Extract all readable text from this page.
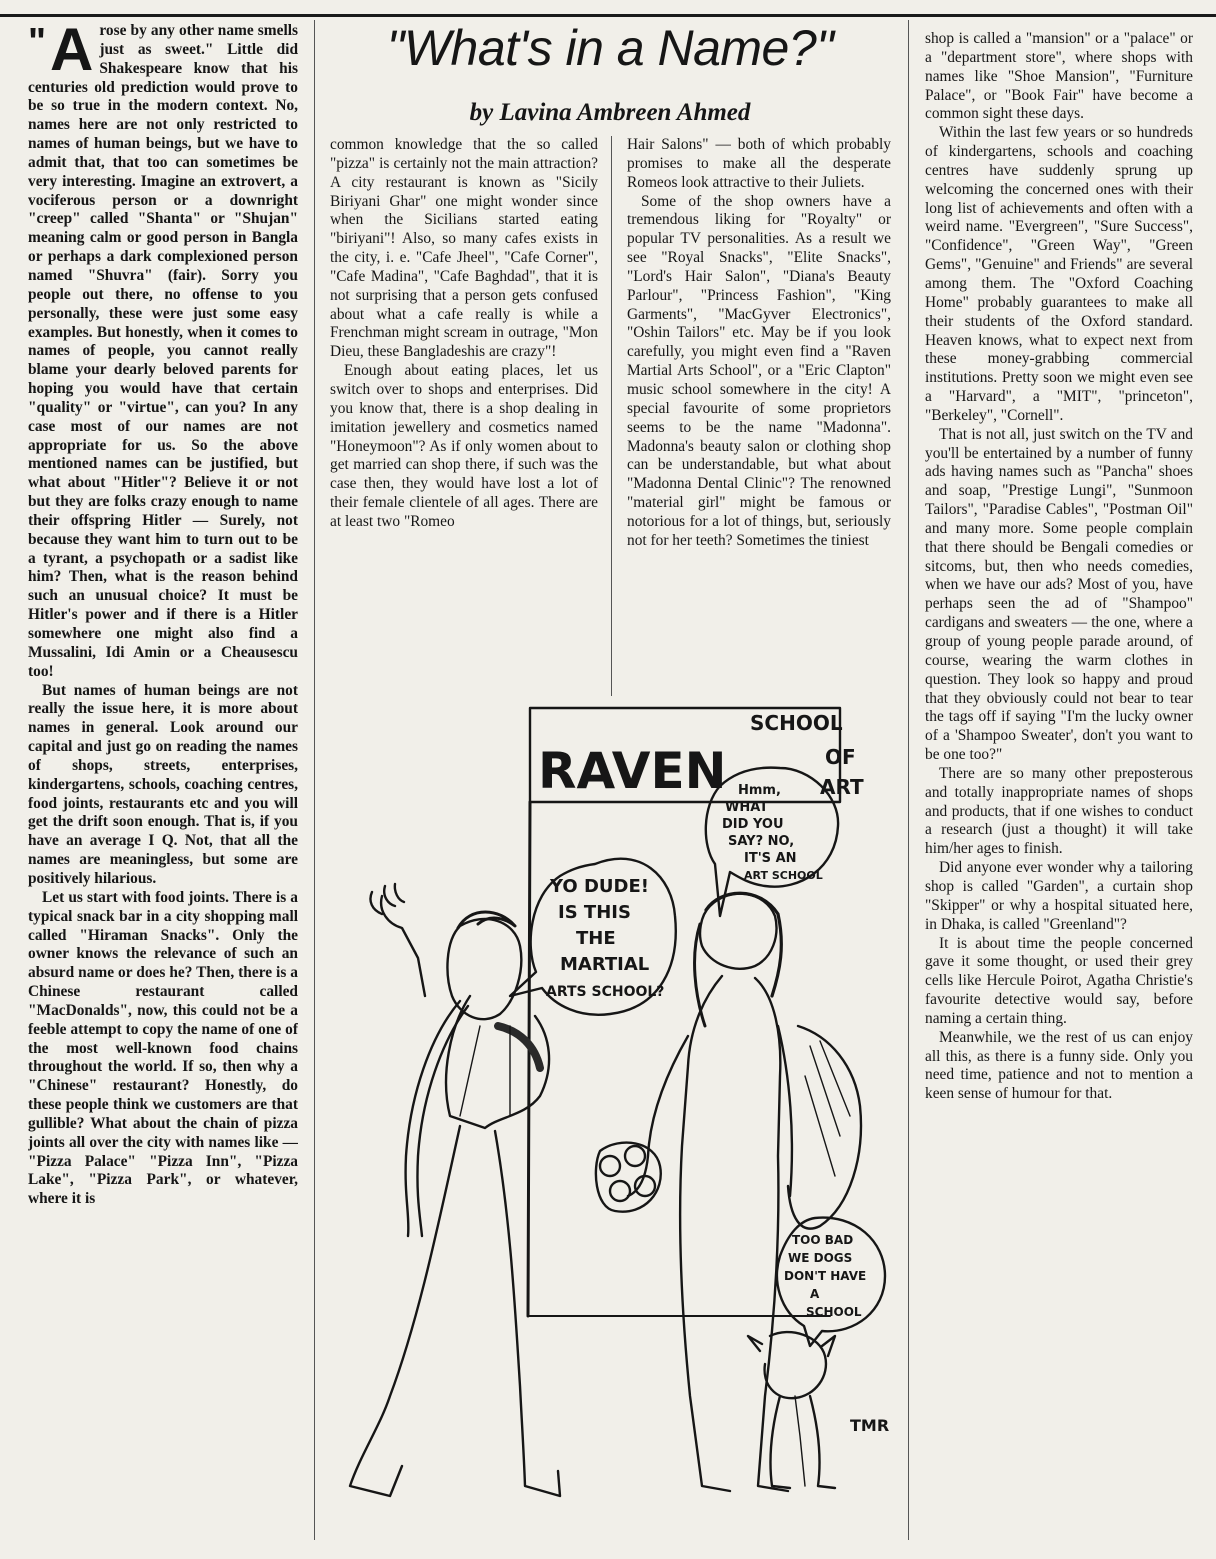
"What's in a Name?"
by Lavina Ambreen Ahmed

" A rose by any other name smells just as sweet." Little did Shakespeare know that his centuries old prediction would prove to be so true in the modern context. No, names here are not only restricted to names of human beings, but we have to admit that, that too can sometimes be very interesting. Imagine an extrovert, a vociferous person or a downright "creep" called "Shanta" or "Shujan" meaning calm or good person in Bangla or perhaps a dark complexioned person named "Shuvra" (fair). Sorry you people out there, no offense to you personally, these were just some easy examples. But honestly, when it comes to names of people, you cannot really blame your dearly beloved parents for hoping you would have that certain "quality" or "virtue", can you? In any case most of our names are not appropriate for us. So the above mentioned names can be justified, but what about "Hitler"? Believe it or not but they are folks crazy enough to name their offspring Hitler — Surely, not because they want him to turn out to be a tyrant, a psychopath or a sadist like him? Then, what is the reason behind such an unusual choice? It must be Hitler's power and if there is a Hitler somewhere one might also find a Mussalini, Idi Amin or a Cheausescu too!

But names of human beings are not really the issue here, it is more about names in general. Look around our capital and just go on reading the names of shops, streets, enterprises, kindergartens, schools, coaching centres, food joints, restaurants etc and you will get the drift soon enough. That is, if you have an average I Q. Not, that all the names are meaningless, but some are positively hilarious.

Let us start with food joints. There is a typical snack bar in a city shopping mall called "Hiraman Snacks". Only the owner knows the relevance of such an absurd name or does he? Then, there is a Chinese restaurant called "MacDonalds", now, this could not be a feeble attempt to copy the name of one of the most well-known food chains throughout the world. If so, then why a "Chinese" restaurant? Honestly, do these people think we customers are that gullible? What about the chain of pizza joints all over the city with names like — "Pizza Palace" "Pizza Inn", "Pizza Lake", "Pizza Park", or whatever, where it is

common knowledge that the so called "pizza" is certainly not the main attraction? A city restaurant is known as "Sicily Biriyani Ghar" one might wonder since when the Sicilians started eating "biriyani"! Also, so many cafes exists in the city, i. e. "Cafe Jheel", "Cafe Corner", "Cafe Madina", "Cafe Baghdad", that it is not surprising that a person gets confused about what a cafe really is while a Frenchman might scream in outrage, "Mon Dieu, these Bangladeshis are crazy"!

Enough about eating places, let us switch over to shops and enterprises. Did you know that, there is a shop dealing in imitation jewellery and cosmetics named "Honeymoon"? As if only women about to get married can shop there, if such was the case then, they would have lost a lot of their female clientele of all ages. There are at least two "Romeo

Hair Salons" — both of which probably promises to make all the desperate Romeos look attractive to their Juliets.

Some of the shop owners have a tremendous liking for "Royalty" or popular TV personalities. As a result we see "Royal Snacks", "Elite Snacks", "Lord's Hair Salon", "Diana's Beauty Parlour", "Princess Fashion", "King Garments", "MacGyver Electronics", "Oshin Tailors" etc. May be if you look carefully, you might even find a "Raven Martial Arts School", or a "Eric Clapton" music school somewhere in the city! A special favourite of some proprietors seems to be the name "Madonna". Madonna's beauty salon or clothing shop can be understandable, but what about "Madonna Dental Clinic"? The renowned "material girl" might be famous or notorious for a lot of things, but, seriously not for her teeth? Sometimes the tiniest

shop is called a "mansion" or a "palace" or a "department store", where shops with names like "Shoe Mansion", "Furniture Palace", or "Book Fair" have become a common sight these days.

Within the last few years or so hundreds of kindergartens, schools and coaching centres have suddenly sprung up welcoming the concerned ones with their long list of achievements and often with a weird name. "Evergreen", "Sure Success", "Confidence", "Green Way", "Green Gems", "Genuine" and Friends" are several among them. The "Oxford Coaching Home" probably guarantees to make all their students of the Oxford standard. Heaven knows, what to expect next from these money-grabbing commercial institutions. Pretty soon we might even see a "Harvard", a "MIT", "princeton", "Berkeley", "Cornell".

That is not all, just switch on the TV and you'll be entertained by a number of funny ads having names such as "Pancha" shoes and soap, "Prestige Lungi", "Sunmoon Tailors", "Paradise Cables", "Postman Oil" and many more. Some people complain that there should be Bengali comedies or sitcoms, but, then who needs comedies, when we have our ads? Most of you, have perhaps seen the ad of "Shampoo" cardigans and sweaters — the one, where a group of young people parade around, of course, wearing the warm clothes in question. They look so happy and proud that they obviously could not bear to tear the tags off if saying "I'm the lucky owner of a 'Shampoo Sweater', don't you want to be one too?"

There are so many other preposterous and totally inappropriate names of shops and products, that if one wishes to conduct a research (just a thought) it will take him/her ages to finish.

Did anyone ever wonder why a tailoring shop is called "Garden", a curtain shop "Skipper" or why a hospital situated here, in Dhaka, is called "Greenland"?

It is about time the people concerned gave it some thought, or used their grey cells like Hercule Poirot, Agatha Christie's favourite detective would say, before naming a certain thing.

Meanwhile, we the rest of us can enjoy all this, as there is a funny side. Only you need time, patience and not to mention a keen sense of humour for that.

RAVEN
SCHOOL
OF
ART
Hmm, WHAT DID YOU SAY? NO, IT'S AN ART SCHOOL
YO DUDE! IS THIS THE MARTIAL ARTS SCHOOL?
TOO BAD WE DOGS DON'T HAVE A SCHOOL
TMR
